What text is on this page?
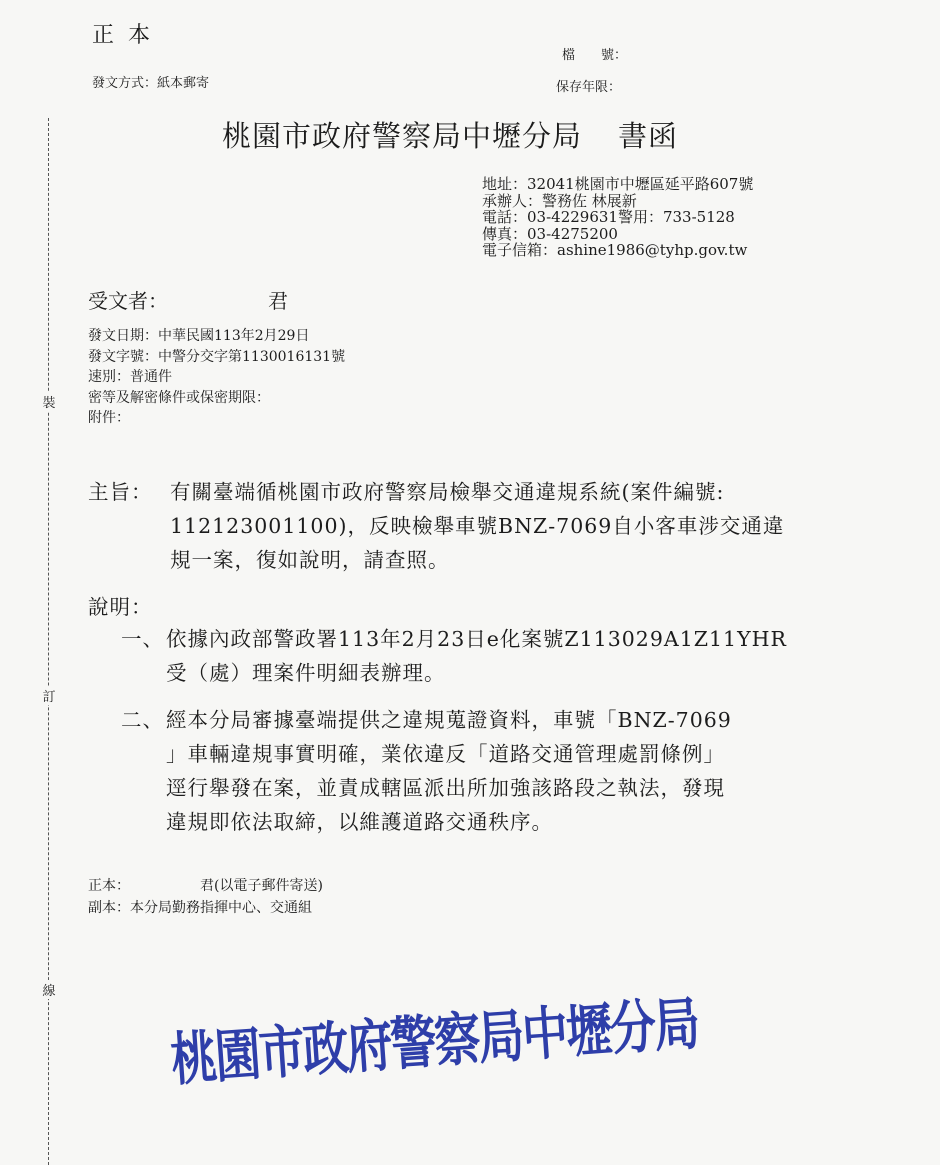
裝
訂
線
正本
發文方式：紙本郵寄
檔　　號：
保存年限：
桃園市政府警察局中壢分局 書函
地址：32041桃園市中壢區延平路607號
承辦人：警務佐 林展新
電話：03-4229631警用：733-5128
傳真：03-4275200
電子信箱：ashine1986@tyhp.gov.tw
受文者：	君
發文日期：中華民國113年2月29日
發文字號：中警分交字第1130016131號
速別：普通件
密等及解密條件或保密期限：
附件：
主旨： 有關臺端循桃園市政府警察局檢舉交通違規系統(案件編號:
112123001100)，反映檢舉車號BNZ-7069自小客車涉交通違
規一案，復如說明，請查照。
說明：
一、依據內政部警政署113年2月23日e化案號Z113029A1Z11YHR
受（處）理案件明細表辦理。
二、經本分局審據臺端提供之違規蒐證資料，車號「BNZ-7069
」車輛違規事實明確，業依違反「道路交通管理處罰條例」
逕行舉發在案，並責成轄區派出所加強該路段之執法，發現
違規即依法取締，以維護道路交通秩序。
正本：	君(以電子郵件寄送)
副本：本分局勤務指揮中心、交通組
桃園市政府警察局中壢分局
